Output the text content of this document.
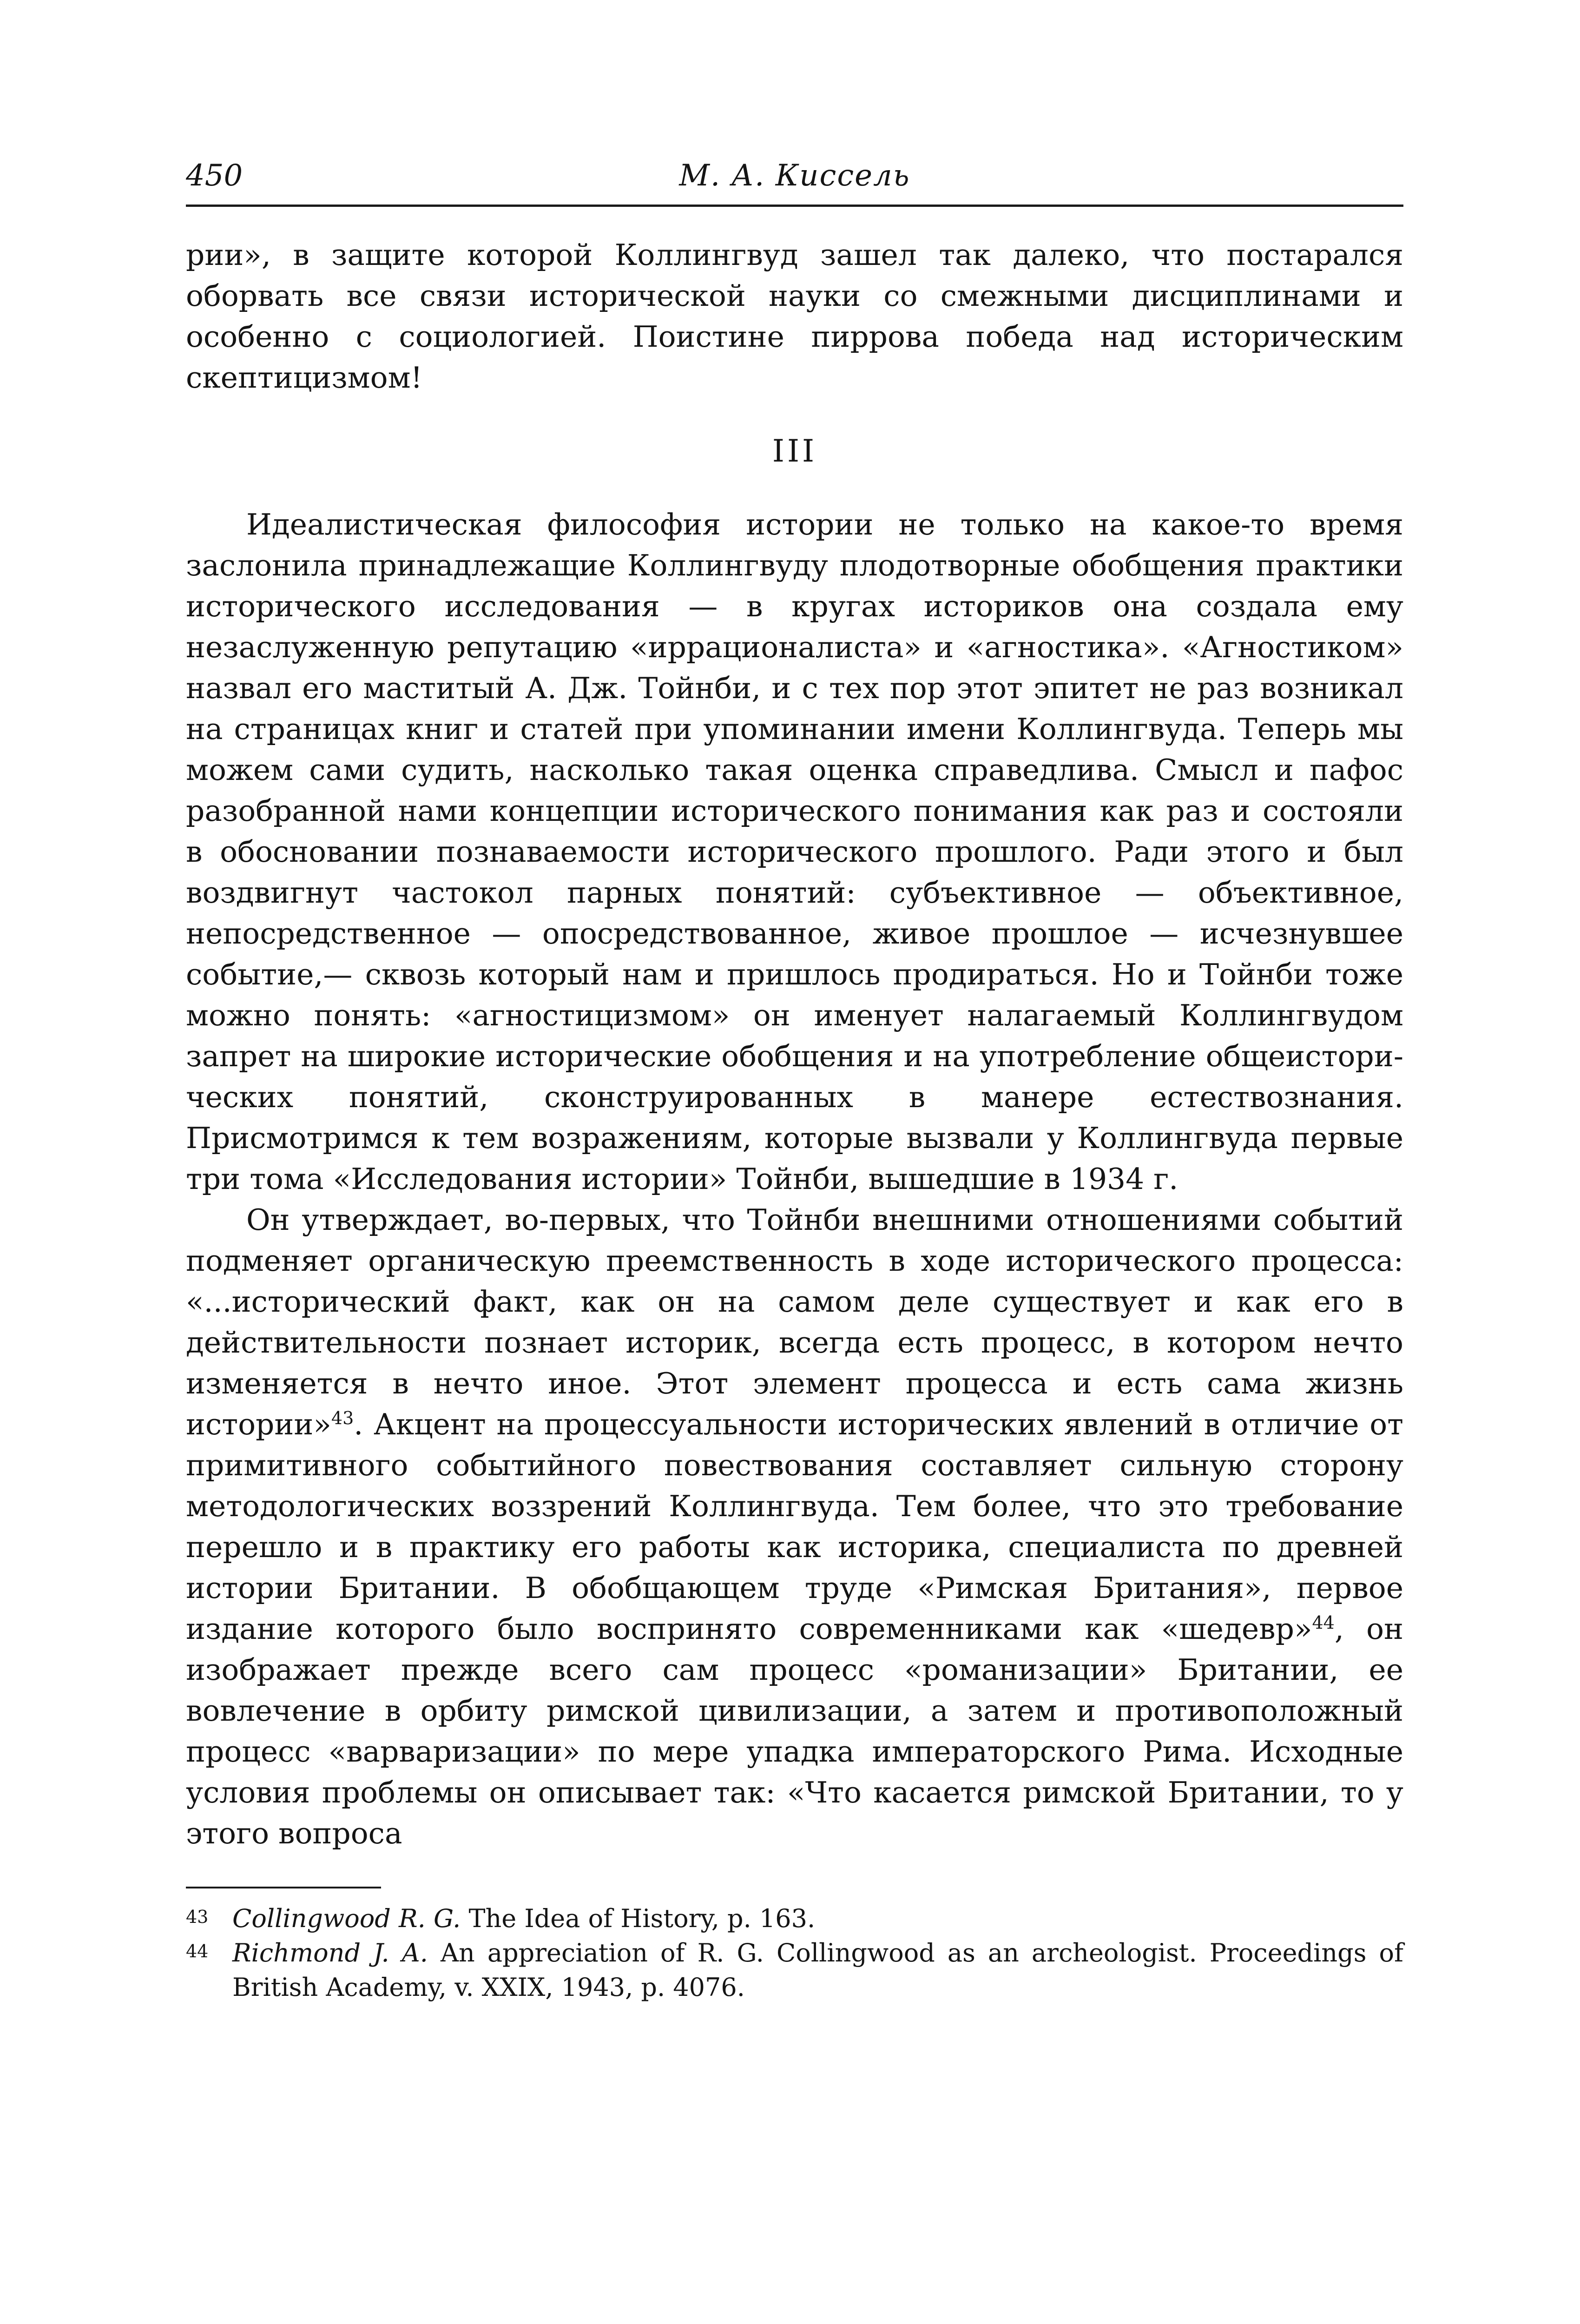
450	М. А. Киссель

рии», в защите которой Коллингвуд зашел так далеко, что постарался оборвать все связи исторической науки со смежными дисциплинами и особенно с социологией. Поистине пиррова победа над историческим скептицизмом!

III

Идеалистическая философия истории не только на какое-то время заслонила принадлежащие Коллингвуду плодотворные обобщения практики исторического исследования — в кругах историков она создала ему незаслуженную репутацию «иррационалиста» и «агностика». «Агностиком» назвал его маститый А. Дж. Тойнби, и с тех пор этот эпитет не раз возникал на страницах книг и статей при упоминании имени Коллингвуда. Теперь мы можем сами судить, насколько такая оценка справедлива. Смысл и пафос разобранной нами концепции исторического понимания как раз и состояли в обосновании познаваемости исторического прошлого. Ради этого и был воздвигнут частокол парных понятий: субъективное — объективное, непосредственное — опосредствованное, живое прошлое — исчезнувшее событие,— сквозь который нам и пришлось продираться. Но и Тойнби тоже можно понять: «агностицизмом» он именует налагаемый Коллингвудом запрет на широкие исторические обобщения и на употребление общеисторических понятий, сконструированных в манере естествознания. Присмотримся к тем возражениям, которые вызвали у Коллингвуда первые три тома «Исследования истории» Тойнби, вышедшие в 1934 г.

Он утверждает, во-первых, что Тойнби внешними отношениями событий подменяет органическую преемственность в ходе исторического процесса: «...исторический факт, как он на самом деле существует и как его в действительности познает историк, всегда есть процесс, в котором нечто изменяется в нечто иное. Этот элемент процесса и есть сама жизнь истории»$^{43}$. Акцент на процессуальности исторических явлений в отличие от примитивного событийного повествования составляет сильную сторону методологических воззрений Коллингвуда. Тем более, что это требование перешло и в практику его работы как историка, специалиста по древней истории Британии. В обобщающем труде «Римская Британия», первое издание которого было воспринято современниками как «шедевр»$^{44}$, он изображает прежде всего сам процесс «романизации» Британии, ее вовлечение в орбиту римской цивилизации, а затем и противоположный процесс «варваризации» по мере упадка императорского Рима. Исходные условия проблемы он описывает так: «Что касается римской Британии, то у этого вопроса

43 Collingwood R. G. The Idea of History, p. 163.
44 Richmond J. A. An appreciation of R. G. Collingwood as an archeologist. Proceedings of British Academy, v. XXIX, 1943, p. 4076.
